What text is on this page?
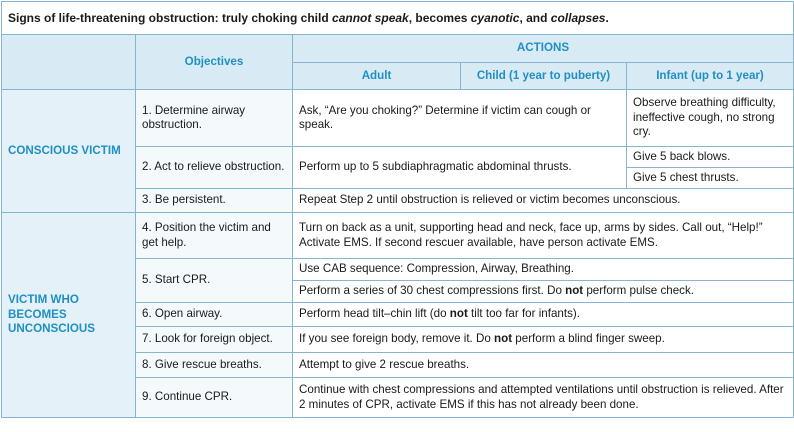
Signs of life-threatening obstruction: truly choking child cannot speak, becomes cyanotic, and collapses.				
	Objectives	ACTIONS		
		Adult	Child (1 year to puberty)	Infant (up to 1 year)
CONSCIOUS VICTIM	1. Determine airway obstruction.	Ask, “Are you choking?” Determine if victim can cough or speak.		Observe breathing difficulty, ineffective cough, no strong cry.
	2. Act to relieve obstruction.	Perform up to 5 subdiaphragmatic abdominal thrusts.		Give 5 back blows.
				Give 5 chest thrusts.
	3. Be persistent.	Repeat Step 2 until obstruction is relieved or victim becomes unconscious.		
VICTIM WHO BECOMES UNCONSCIOUS	4. Position the victim and get help.	Turn on back as a unit, supporting head and neck, face up, arms by sides. Call out, “Help!” Activate EMS. If second rescuer available, have person activate EMS.		
	5. Start CPR.	Use CAB sequence: Compression, Airway, Breathing.		
		Perform a series of 30 chest compressions first. Do not perform pulse check.		
	6. Open airway.	Perform head tilt–chin lift (do not tilt too far for infants).		
	7. Look for foreign object.	If you see foreign body, remove it. Do not perform a blind finger sweep.		
	8. Give rescue breaths.	Attempt to give 2 rescue breaths.		
	9. Continue CPR.	Continue with chest compressions and attempted ventilations until obstruction is relieved. After 2 minutes of CPR, activate EMS if this has not already been done.		
